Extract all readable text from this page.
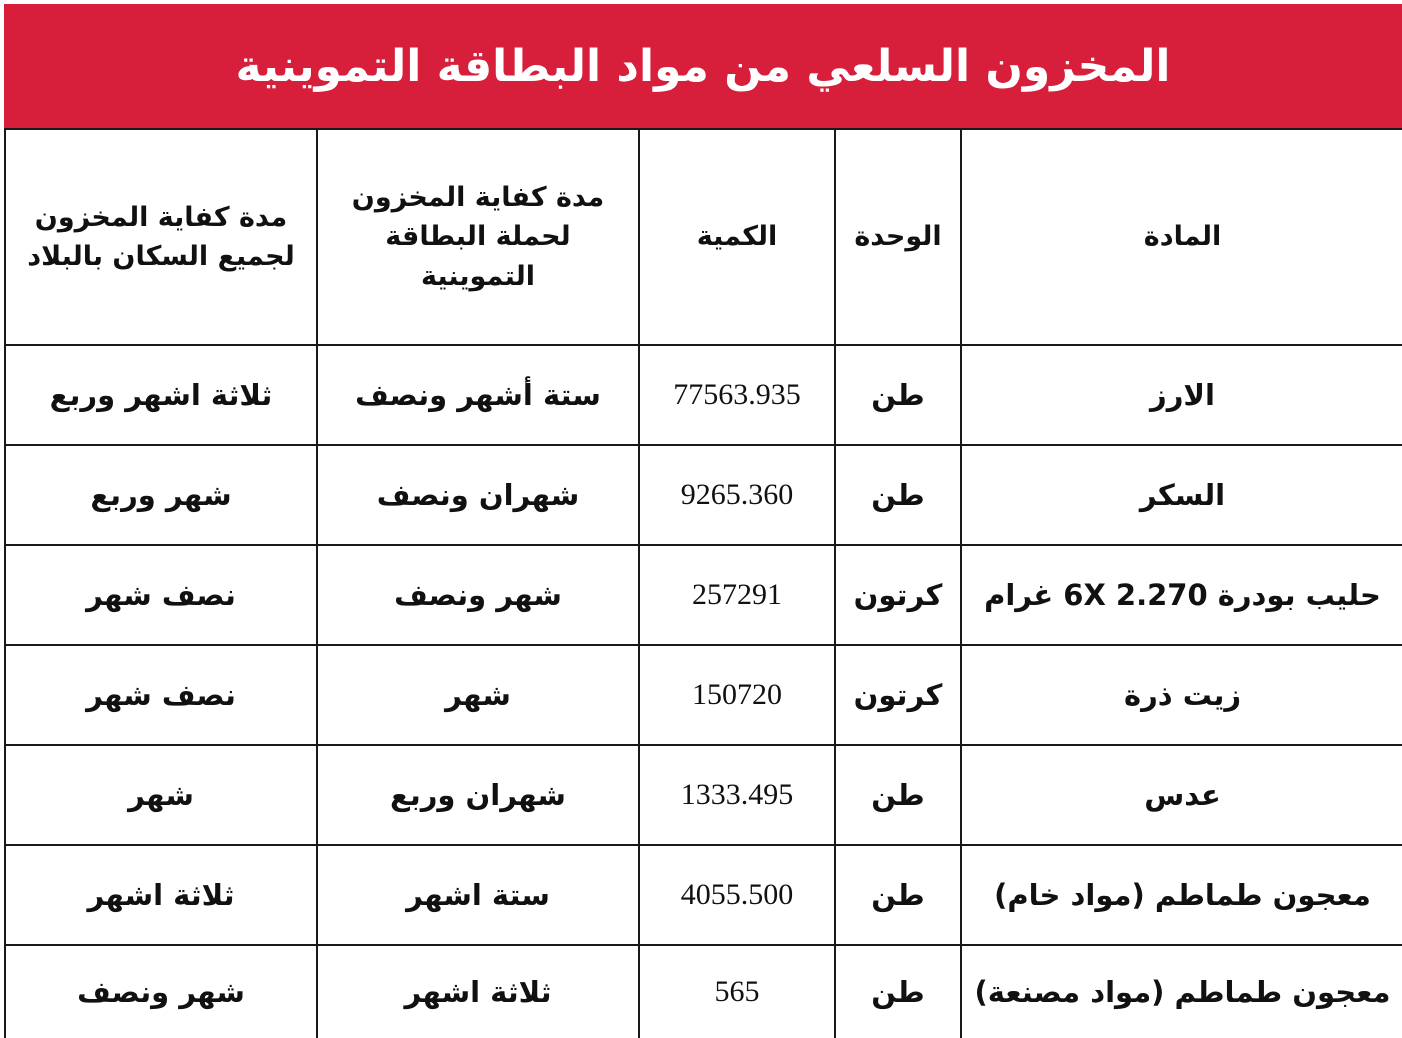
المخزون السلعي من مواد البطاقة التموينية
المادة	الوحدة	الكمية	مدة كفاية المخزون لحملة البطاقة التموينية	مدة كفاية المخزون لجميع السكان بالبلاد
الارز	طن	77563.935	ستة أشهر ونصف	ثلاثة اشهر وربع
السكر	طن	9265.360	شهران ونصف	شهر وربع
حليب بودرة 6X 2.270 غرام	كرتون	257291	شهر ونصف	نصف شهر
زيت ذرة	كرتون	150720	شهر	نصف شهر
عدس	طن	1333.495	شهران وربع	شهر
معجون طماطم (مواد خام)	طن	4055.500	ستة اشهر	ثلاثة اشهر
معجون طماطم (مواد مصنعة)	طن	565	ثلاثة اشهر	شهر ونصف
